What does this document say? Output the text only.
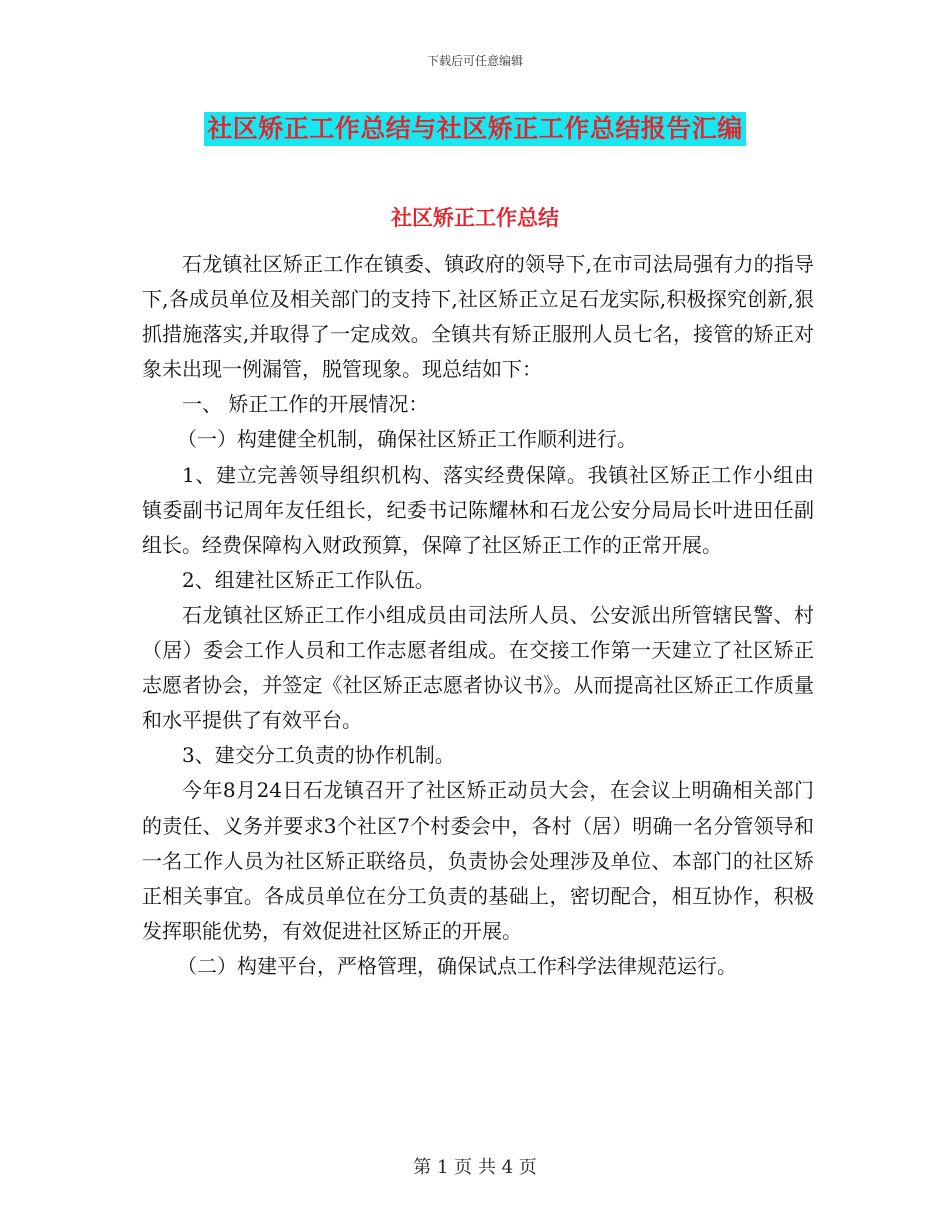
下载后可任意编辑
社区矫正工作总结与社区矫正工作总结报告汇编
社区矫正工作总结

石龙镇社区矫正工作在镇委、镇政府的领导下,在市司法局强有力的指导下,各成员单位及相关部门的支持下,社区矫正立足石龙实际,积极探究创新,狠抓措施落实,并取得了一定成效。全镇共有矫正服刑人员七名，接管的矫正对象未出现一例漏管，脱管现象。现总结如下：

一、 矫正工作的开展情况：

（一）构建健全机制，确保社区矫正工作顺利进行。

1、建立完善领导组织机构、落实经费保障。我镇社区矫正工作小组由镇委副书记周年友任组长，纪委书记陈耀林和石龙公安分局局长叶进田任副组长。经费保障构入财政预算，保障了社区矫正工作的正常开展。

2、组建社区矫正工作队伍。

石龙镇社区矫正工作小组成员由司法所人员、公安派出所管辖民警、村（居）委会工作人员和工作志愿者组成。在交接工作第一天建立了社区矫正志愿者协会，并签定《社区矫正志愿者协议书》。从而提高社区矫正工作质量和水平提供了有效平台。

3、建交分工负责的协作机制。

今年8月24日石龙镇召开了社区矫正动员大会，在会议上明确相关部门的责任、义务并要求3个社区7个村委会中，各村（居）明确一名分管领导和一名工作人员为社区矫正联络员，负责协会处理涉及单位、本部门的社区矫正相关事宜。各成员单位在分工负责的基础上，密切配合，相互协作，积极发挥职能优势，有效促进社区矫正的开展。

（二）构建平台，严格管理，确保试点工作科学法律规范运行。

第 1 页 共 4 页
